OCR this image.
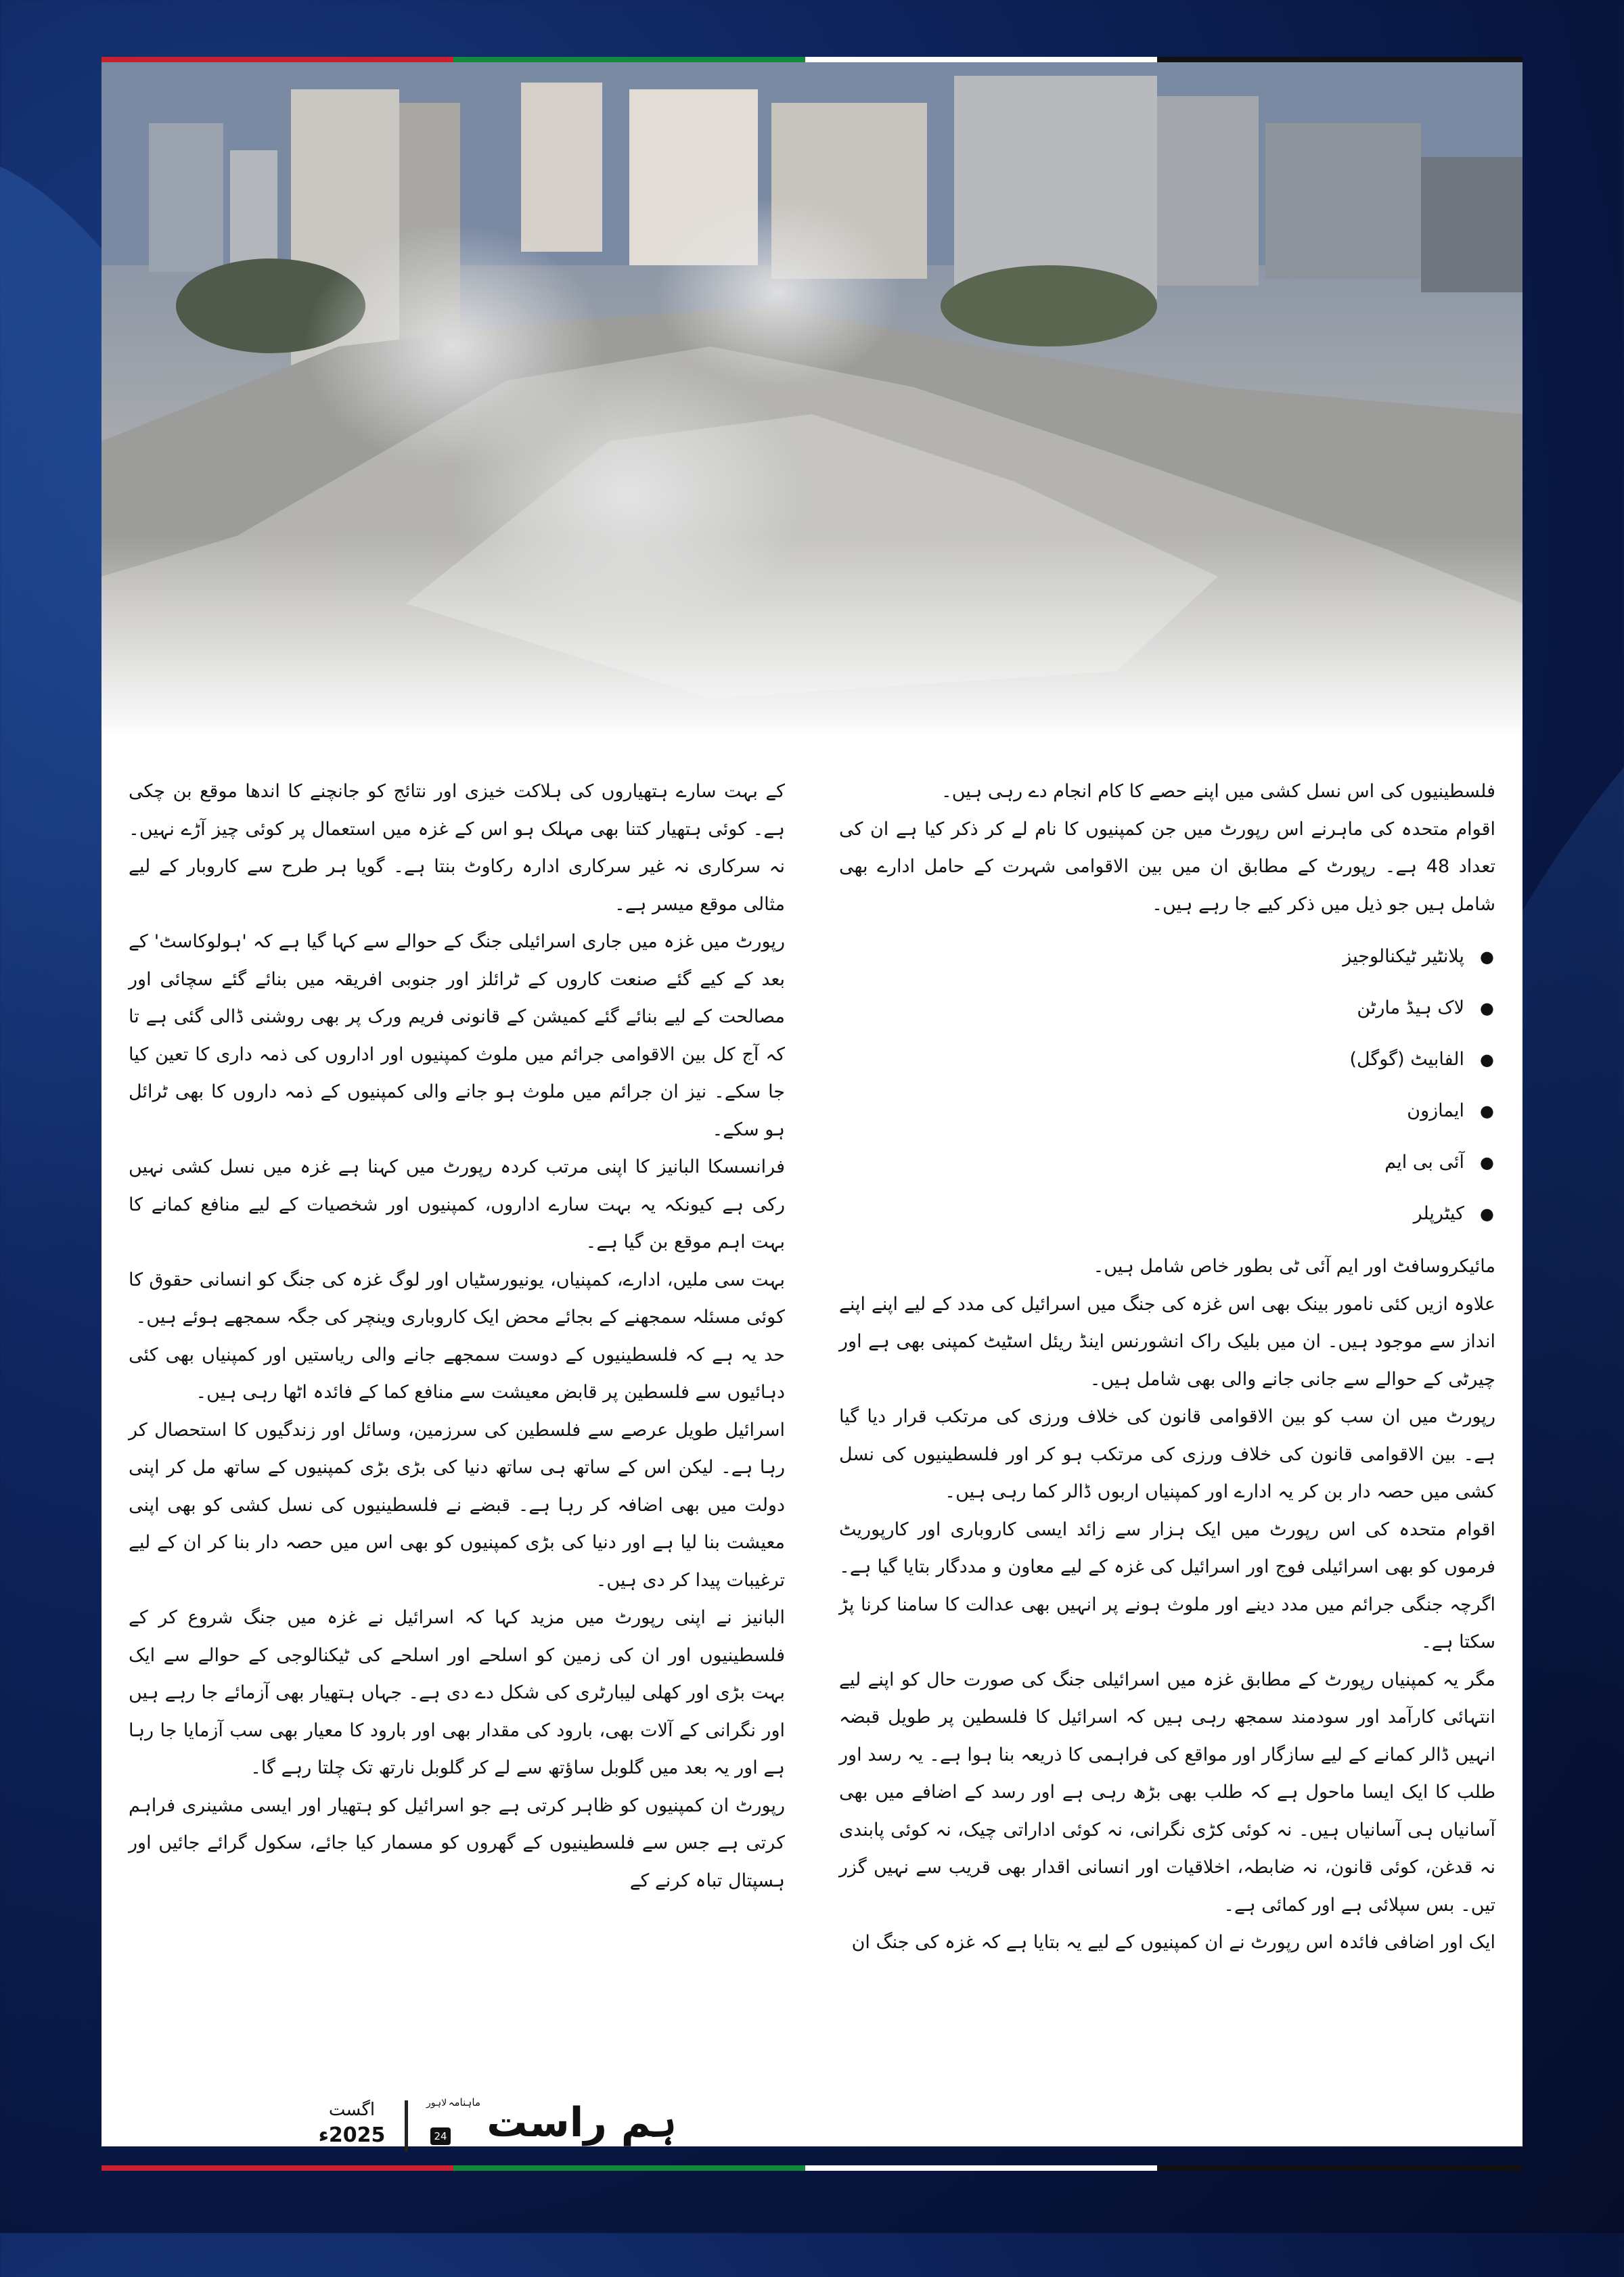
فلسطینیوں کی اس نسل کشی میں اپنے حصے کا کام انجام دے رہی ہیں۔

اقوام متحدہ کی ماہرنے اس رپورٹ میں جن کمپنیوں کا نام لے کر ذکر کیا ہے ان کی تعداد 48 ہے۔ رپورٹ کے مطابق ان میں بین الاقوامی شہرت کے حامل ادارے بھی شامل ہیں جو ذیل میں ذکر کیے جا رہے ہیں۔

● پلانٹیر ٹیکنالوجیز
● لاک ہیڈ مارٹن
● الفابیٹ (گوگل)
● ایمازون
● آئی بی ایم
● کیٹرپلر

مائیکروسافٹ اور ایم آئی ٹی بطور خاص شامل ہیں۔

علاوہ ازیں کئی نامور بینک بھی اس غزہ کی جنگ میں اسرائیل کی مدد کے لیے اپنے اپنے انداز سے موجود ہیں۔ ان میں بلیک راک انشورنس اینڈ ریئل اسٹیٹ کمپنی بھی ہے اور چیرٹی کے حوالے سے جانی جانے والی بھی شامل ہیں۔

رپورٹ میں ان سب کو بین الاقوامی قانون کی خلاف ورزی کی مرتکب قرار دیا گیا ہے۔ بین الاقوامی قانون کی خلاف ورزی کی مرتکب ہو کر اور فلسطینیوں کی نسل کشی میں حصہ دار بن کر یہ ادارے اور کمپنیاں اربوں ڈالر کما رہی ہیں۔

اقوام متحدہ کی اس رپورٹ میں ایک ہزار سے زائد ایسی کاروباری اور کارپوریٹ فرموں کو بھی اسرائیلی فوج اور اسرائیل کی غزہ کے لیے معاون و مددگار بتایا گیا ہے۔ اگرچہ جنگی جرائم میں مدد دینے اور ملوث ہونے پر انہیں بھی عدالت کا سامنا کرنا پڑ سکتا ہے۔

مگر یہ کمپنیاں رپورٹ کے مطابق غزہ میں اسرائیلی جنگ کی صورت حال کو اپنے لیے انتہائی کارآمد اور سودمند سمجھ رہی ہیں کہ اسرائیل کا فلسطین پر طویل قبضہ انہیں ڈالر کمانے کے لیے سازگار اور مواقع کی فراہمی کا ذریعہ بنا ہوا ہے۔ یہ رسد اور طلب کا ایک ایسا ماحول ہے کہ طلب بھی بڑھ رہی ہے اور رسد کے اضافے میں بھی آسانیاں ہی آسانیاں ہیں۔ نہ کوئی کڑی نگرانی، نہ کوئی اداراتی چیک، نہ کوئی پابندی نہ قدغن، کوئی قانون، نہ ضابطہ، اخلاقیات اور انسانی اقدار بھی قریب سے نہیں گزر تیں۔ بس سپلائی ہے اور کمائی ہے۔

ایک اور اضافی فائدہ اس رپورٹ نے ان کمپنیوں کے لیے یہ بتایا ہے کہ غزہ کی جنگ ان

کے بہت سارے ہتھیاروں کی ہلاکت خیزی اور نتائج کو جانچنے کا اندھا موقع بن چکی ہے۔ کوئی ہتھیار کتنا بھی مہلک ہو اس کے غزہ میں استعمال پر کوئی چیز آڑے نہیں۔ نہ سرکاری نہ غیر سرکاری ادارہ رکاوٹ بنتا ہے۔ گویا ہر طرح سے کاروبار کے لیے مثالی موقع میسر ہے۔

رپورٹ میں غزہ میں جاری اسرائیلی جنگ کے حوالے سے کہا گیا ہے کہ 'ہولوکاسٹ' کے بعد کے کیے گئے صنعت کاروں کے ٹرائلز اور جنوبی افریقہ میں بنائے گئے سچائی اور مصالحت کے لیے بنائے گئے کمیشن کے قانونی فریم ورک پر بھی روشنی ڈالی گئی ہے تا کہ آج کل بین الاقوامی جرائم میں ملوث کمپنیوں اور اداروں کی ذمہ داری کا تعین کیا جا سکے۔ نیز ان جرائم میں ملوث ہو جانے والی کمپنیوں کے ذمہ داروں کا بھی ٹرائل ہو سکے۔

فرانسسکا البانیز کا اپنی مرتب کردہ رپورٹ میں کہنا ہے غزہ میں نسل کشی نہیں رکی ہے کیونکہ یہ بہت سارے اداروں، کمپنیوں اور شخصیات کے لیے منافع کمانے کا بہت اہم موقع بن گیا ہے۔

بہت سی ملیں، ادارے، کمپنیاں، یونیورسٹیاں اور لوگ غزہ کی جنگ کو انسانی حقوق کا کوئی مسئلہ سمجھنے کے بجائے محض ایک کاروباری وینچر کی جگہ سمجھے ہوئے ہیں۔

حد یہ ہے کہ فلسطینیوں کے دوست سمجھے جانے والی ریاستیں اور کمپنیاں بھی کئی دہائیوں سے فلسطین پر قابض معیشت سے منافع کما کے فائدہ اٹھا رہی ہیں۔

اسرائیل طویل عرصے سے فلسطین کی سرزمین، وسائل اور زندگیوں کا استحصال کر رہا ہے۔ لیکن اس کے ساتھ ہی ساتھ دنیا کی بڑی بڑی کمپنیوں کے ساتھ مل کر اپنی دولت میں بھی اضافہ کر رہا ہے۔ قبضے نے فلسطینیوں کی نسل کشی کو بھی اپنی معیشت بنا لیا ہے اور دنیا کی بڑی کمپنیوں کو بھی اس میں حصہ دار بنا کر ان کے لیے ترغیبات پیدا کر دی ہیں۔

البانیز نے اپنی رپورٹ میں مزید کہا کہ اسرائیل نے غزہ میں جنگ شروع کر کے فلسطینیوں اور ان کی زمین کو اسلحے اور اسلحے کی ٹیکنالوجی کے حوالے سے ایک بہت بڑی اور کھلی لیبارٹری کی شکل دے دی ہے۔ جہاں ہتھیار بھی آزمائے جا رہے ہیں اور نگرانی کے آلات بھی، بارود کی مقدار بھی اور بارود کا معیار بھی سب آزمایا جا رہا ہے اور یہ بعد میں گلوبل ساؤتھ سے لے کر گلوبل نارتھ تک چلتا رہے گا۔

رپورٹ ان کمپنیوں کو ظاہر کرتی ہے جو اسرائیل کو ہتھیار اور ایسی مشینری فراہم کرتی ہے جس سے فلسطینیوں کے گھروں کو مسمار کیا جائے، سکول گرائے جائیں اور ہسپتال تباہ کرنے کے

ماہنامہ ہم راست
لاہور
24
اگست
2025ء
